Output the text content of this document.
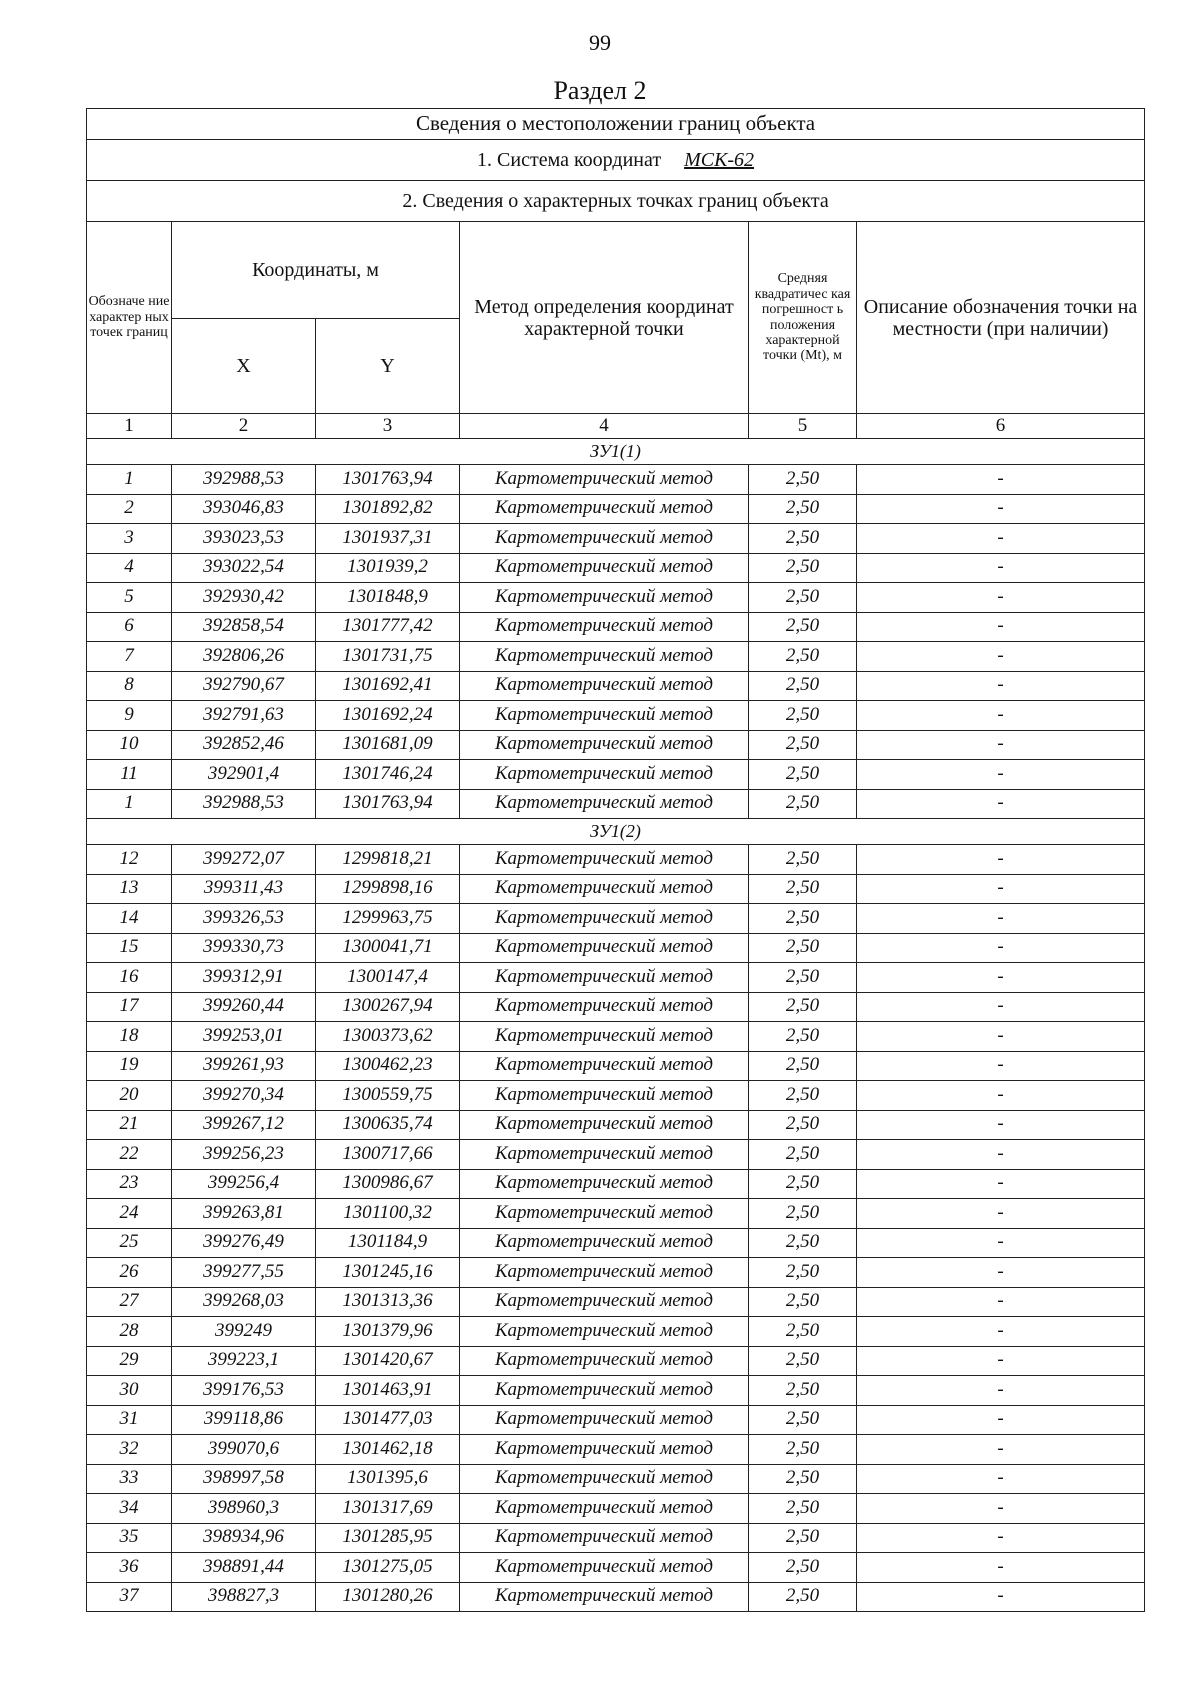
99
Раздел 2
Сведения о местоположении границ объекта					
1. Система координат МСК-62					
2. Сведения о характерных точках границ объекта					
Обозначе ние характер ных точек границ	Координаты, м		Метод определения координат характерной точки	Средняя квадратичес кая погрешност ь положения характерной точки (Mt), м	Описание обозначения точки на местности (при наличии)
	X	Y			
1	2	3	4	5	6
ЗУ1(1)					
1	392988,53	1301763,94	Картометрический метод	2,50	-
2	393046,83	1301892,82	Картометрический метод	2,50	-
3	393023,53	1301937,31	Картометрический метод	2,50	-
4	393022,54	1301939,2	Картометрический метод	2,50	-
5	392930,42	1301848,9	Картометрический метод	2,50	-
6	392858,54	1301777,42	Картометрический метод	2,50	-
7	392806,26	1301731,75	Картометрический метод	2,50	-
8	392790,67	1301692,41	Картометрический метод	2,50	-
9	392791,63	1301692,24	Картометрический метод	2,50	-
10	392852,46	1301681,09	Картометрический метод	2,50	-
11	392901,4	1301746,24	Картометрический метод	2,50	-
1	392988,53	1301763,94	Картометрический метод	2,50	-
ЗУ1(2)					
12	399272,07	1299818,21	Картометрический метод	2,50	-
13	399311,43	1299898,16	Картометрический метод	2,50	-
14	399326,53	1299963,75	Картометрический метод	2,50	-
15	399330,73	1300041,71	Картометрический метод	2,50	-
16	399312,91	1300147,4	Картометрический метод	2,50	-
17	399260,44	1300267,94	Картометрический метод	2,50	-
18	399253,01	1300373,62	Картометрический метод	2,50	-
19	399261,93	1300462,23	Картометрический метод	2,50	-
20	399270,34	1300559,75	Картометрический метод	2,50	-
21	399267,12	1300635,74	Картометрический метод	2,50	-
22	399256,23	1300717,66	Картометрический метод	2,50	-
23	399256,4	1300986,67	Картометрический метод	2,50	-
24	399263,81	1301100,32	Картометрический метод	2,50	-
25	399276,49	1301184,9	Картометрический метод	2,50	-
26	399277,55	1301245,16	Картометрический метод	2,50	-
27	399268,03	1301313,36	Картометрический метод	2,50	-
28	399249	1301379,96	Картометрический метод	2,50	-
29	399223,1	1301420,67	Картометрический метод	2,50	-
30	399176,53	1301463,91	Картометрический метод	2,50	-
31	399118,86	1301477,03	Картометрический метод	2,50	-
32	399070,6	1301462,18	Картометрический метод	2,50	-
33	398997,58	1301395,6	Картометрический метод	2,50	-
34	398960,3	1301317,69	Картометрический метод	2,50	-
35	398934,96	1301285,95	Картометрический метод	2,50	-
36	398891,44	1301275,05	Картометрический метод	2,50	-
37	398827,3	1301280,26	Картометрический метод	2,50	-
